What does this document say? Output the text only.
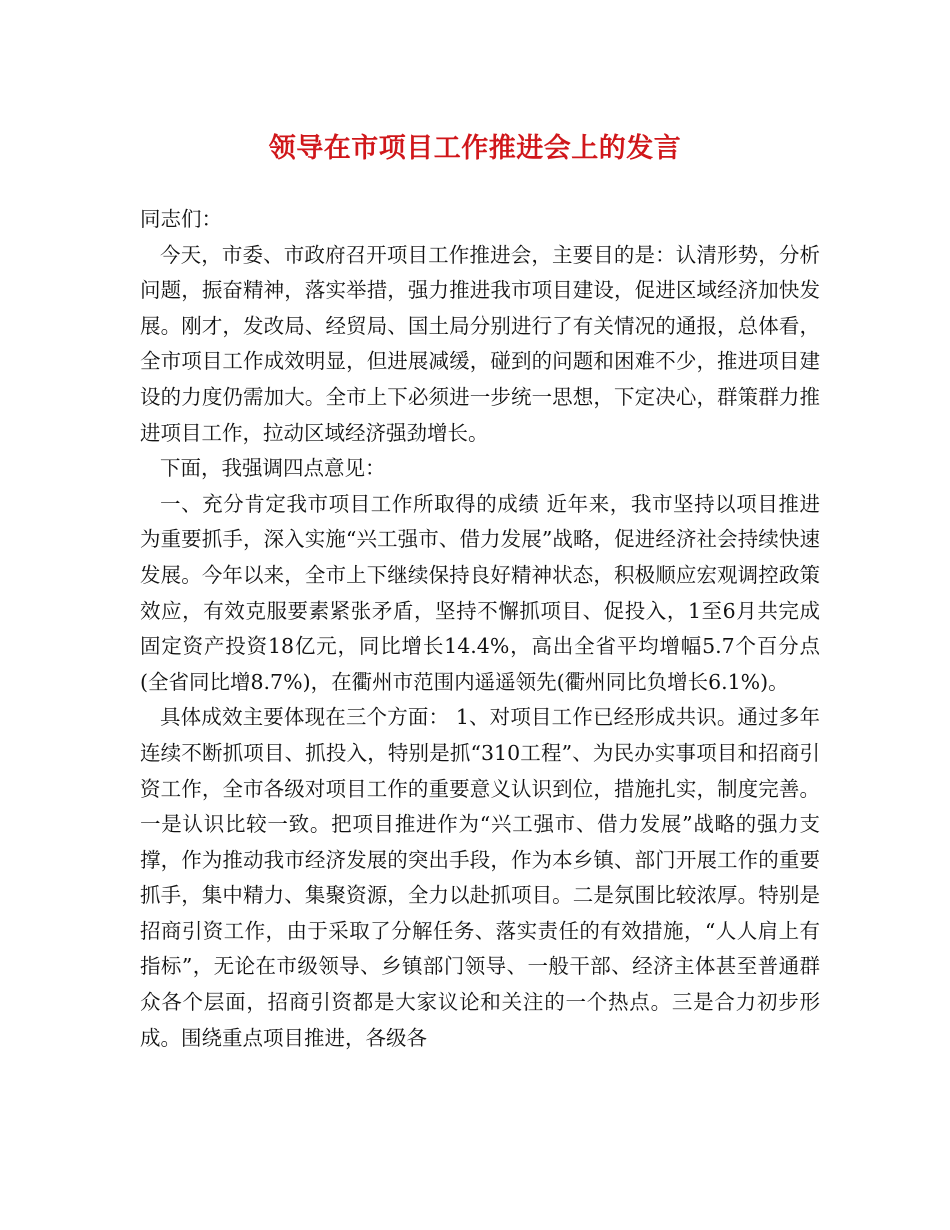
领导在市项目工作推进会上的发言

同志们：

今天，市委、市政府召开项目工作推进会，主要目的是：认清形势，分析问题，振奋精神，落实举措，强力推进我市项目建设，促进区域经济加快发展。刚才，发改局、经贸局、国土局分别进行了有关情况的通报，总体看，全市项目工作成效明显，但进展减缓，碰到的问题和困难不少，推进项目建设的力度仍需加大。全市上下必须进一步统一思想，下定决心，群策群力推进项目工作，拉动区域经济强劲增长。

下面，我强调四点意见：

一、充分肯定我市项目工作所取得的成绩 近年来，我市坚持以项目推进为重要抓手，深入实施“兴工强市、借力发展”战略，促进经济社会持续快速发展。今年以来，全市上下继续保持良好精神状态，积极顺应宏观调控政策效应，有效克服要素紧张矛盾，坚持不懈抓项目、促投入，1至6月共完成固定资产投资18亿元，同比增长14.4%，高出全省平均增幅5.7个百分点(全省同比增8.7%)，在衢州市范围内遥遥领先(衢州同比负增长6.1%)。

具体成效主要体现在三个方面： 1、对项目工作已经形成共识。通过多年连续不断抓项目、抓投入，特别是抓“310工程”、为民办实事项目和招商引资工作，全市各级对项目工作的重要意义认识到位，措施扎实，制度完善。一是认识比较一致。把项目推进作为“兴工强市、借力发展”战略的强力支撑，作为推动我市经济发展的突出手段，作为本乡镇、部门开展工作的重要抓手，集中精力、集聚资源，全力以赴抓项目。二是氛围比较浓厚。特别是招商引资工作，由于采取了分解任务、落实责任的有效措施，“人人肩上有指标”，无论在市级领导、乡镇部门领导、一般干部、经济主体甚至普通群众各个层面，招商引资都是大家议论和关注的一个热点。三是合力初步形成。围绕重点项目推进，各级各
